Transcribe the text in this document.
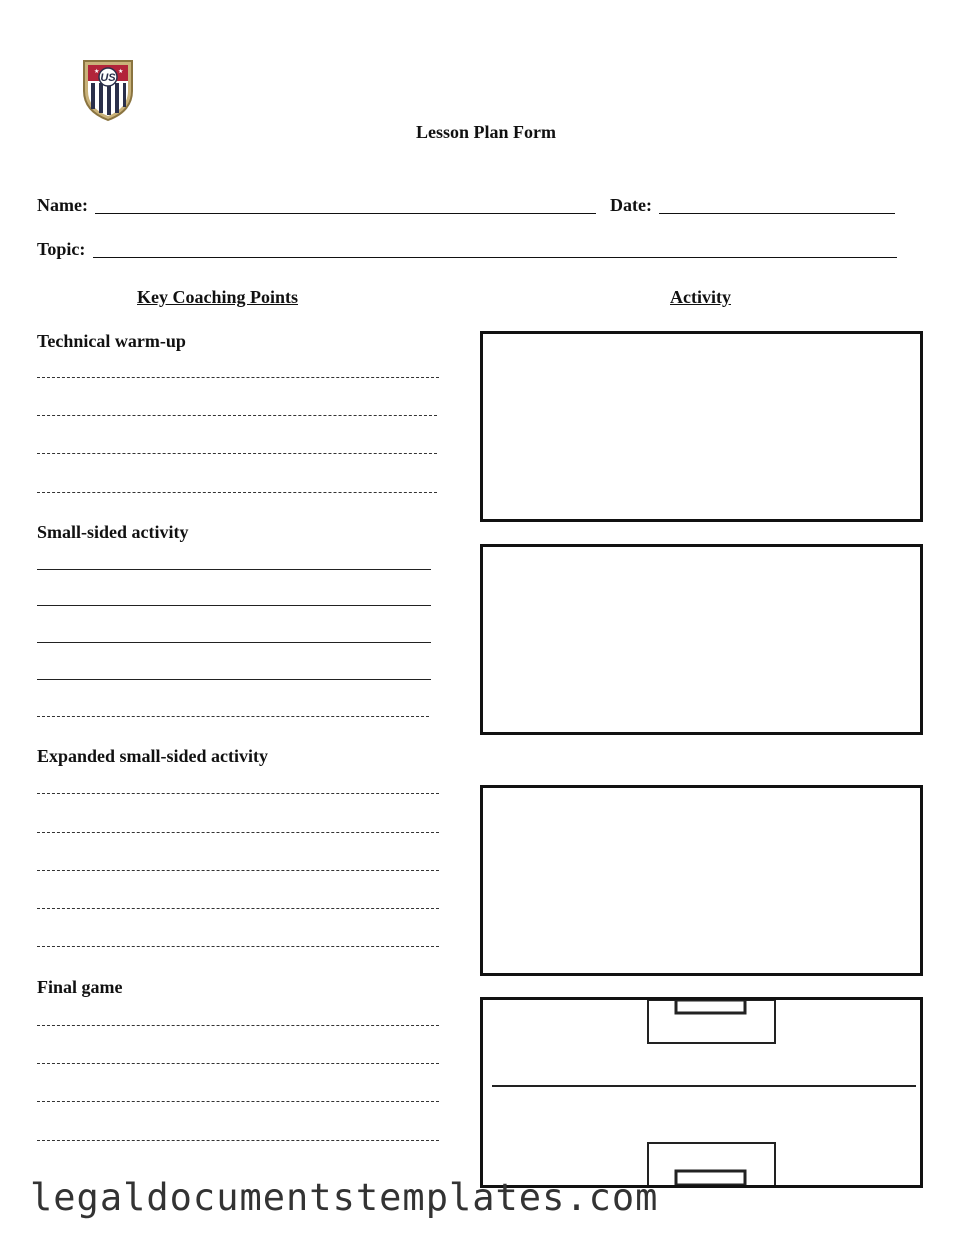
US
★	★
Lesson Plan Form
Name:	Date:
Topic:
Key Coaching Points	Activity
Technical warm-up
Small-sided activity
Expanded small-sided activity
Final game
legaldocumentstemplates.com
